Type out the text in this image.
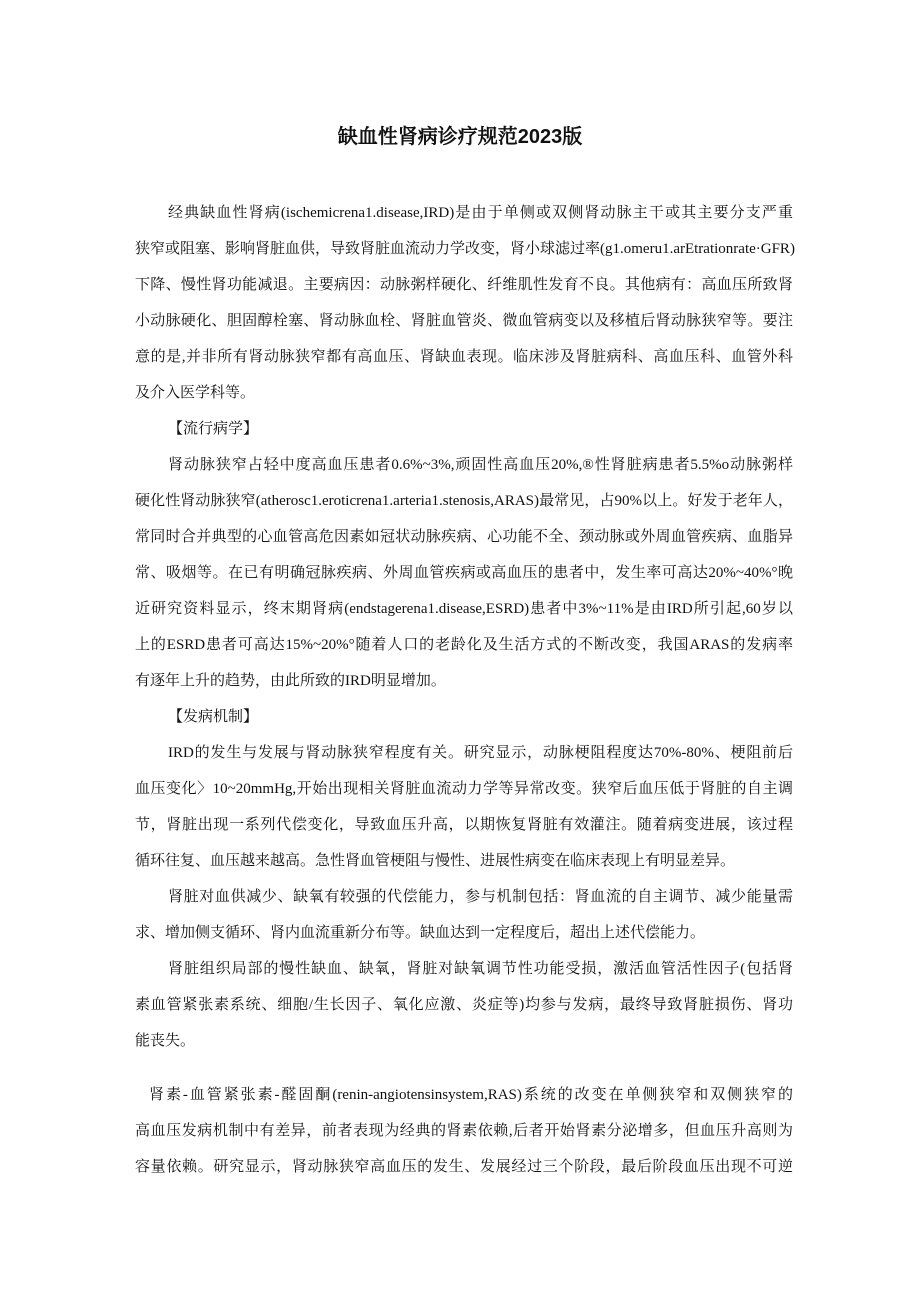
缺血性肾病诊疗规范2023版
经典缺血性肾病(ischemicrena1.disease,IRD)是由于单侧或双侧肾动脉主干或其主要分支严重
狭窄或阻塞、影响肾脏血供，导致肾脏血流动力学改变，肾小球滤过率(g1.omeru1.arEtrationrate·GFR)
下降、慢性肾功能减退。主要病因：动脉粥样硬化、纤维肌性发育不良。其他病有：高血压所致肾
小动脉硬化、胆固醇栓塞、肾动脉血栓、肾脏血管炎、微血管病变以及移植后肾动脉狭窄等。要注
意的是,并非所有肾动脉狭窄都有高血压、肾缺血表现。临床涉及肾脏病科、高血压科、血管外科
及介入医学科等。
【流行病学】
肾动脉狭窄占轻中度高血压患者0.6%~3%,顽固性高血压20%,®性肾脏病患者5.5%o动脉粥样
硬化性肾动脉狭窄(atherosc1.eroticrena1.arteria1.stenosis,ARAS)最常见，占90%以上。好发于老年人，
常同时合并典型的心血管高危因素如冠状动脉疾病、心功能不全、颈动脉或外周血管疾病、血脂异
常、吸烟等。在已有明确冠脉疾病、外周血管疾病或高血压的患者中，发生率可高达20%~40%°晚
近研究资料显示，终末期肾病(endstagerena1.disease,ESRD)患者中3%~11%是由IRD所引起,60岁以
上的ESRD患者可高达15%~20%°随着人口的老龄化及生活方式的不断改变，我国ARAS的发病率
有逐年上升的趋势，由此所致的IRD明显增加。
【发病机制】
IRD的发生与发展与肾动脉狭窄程度有关。研究显示，动脉梗阻程度达70%-80%、梗阻前后
血压变化〉10~20mmHg,开始出现相关肾脏血流动力学等异常改变。狭窄后血压低于肾脏的自主调
节，肾脏出现一系列代偿变化，导致血压升高，以期恢复肾脏有效灌注。随着病变进展，该过程
循环往复、血压越来越高。急性肾血管梗阻与慢性、进展性病变在临床表现上有明显差异。
肾脏对血供减少、缺氧有较强的代偿能力，参与机制包括：肾血流的自主调节、减少能量需
求、增加侧支循环、肾内血流重新分布等。缺血达到一定程度后，超出上述代偿能力。
肾脏组织局部的慢性缺血、缺氧，肾脏对缺氧调节性功能受损，激活血管活性因子(包括肾
素血管紧张素系统、细胞/生长因子、氧化应激、炎症等)均参与发病，最终导致肾脏损伤、肾功
能丧失。
肾素-血管紧张素-醛固酮(renin-angiotensinsystem,RAS)系统的改变在单侧狭窄和双侧狭窄的
高血压发病机制中有差异，前者表现为经典的肾素依赖,后者开始肾素分泌增多，但血压升高则为
容量依赖。研究显示，肾动脉狭窄高血压的发生、发展经过三个阶段，最后阶段血压出现不可逆
